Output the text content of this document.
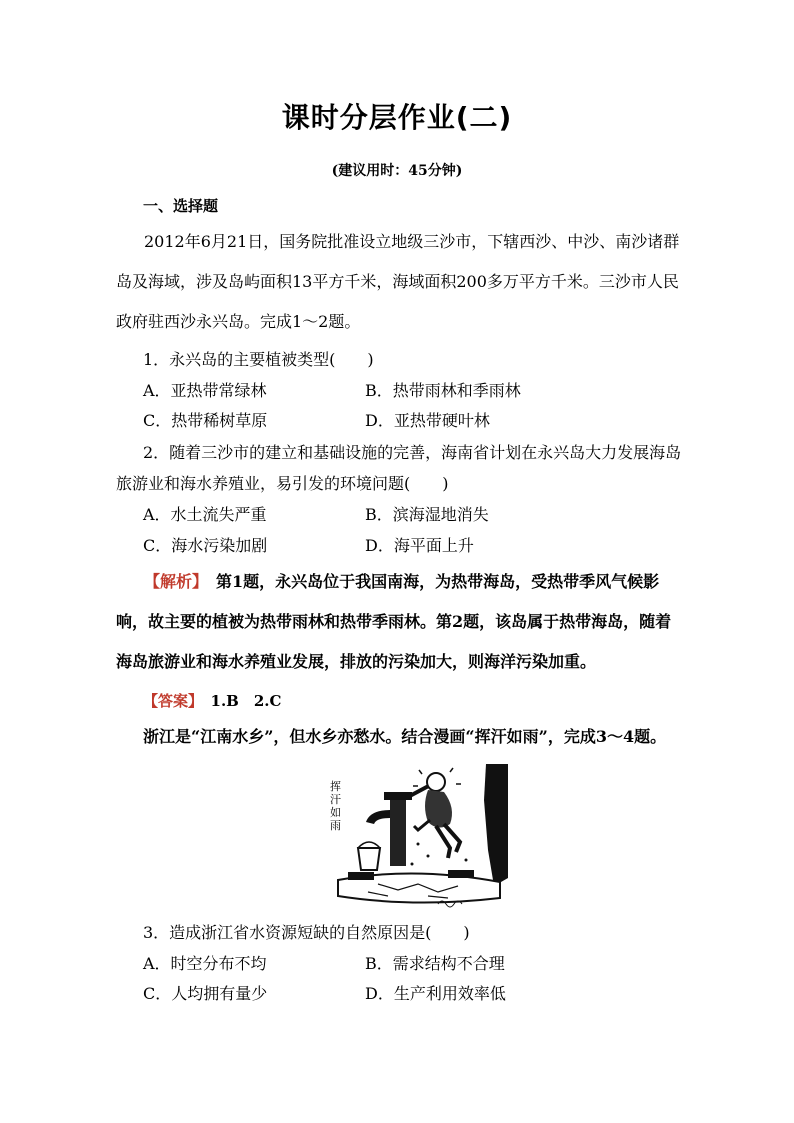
课时分层作业(二)
(建议用时：45分钟)
一、选择题
2012年6月21日，国务院批准设立地级三沙市，下辖西沙、中沙、南沙诸群
岛及海域，涉及岛屿面积13平方千米，海域面积200多万平方千米。三沙市人民
政府驻西沙永兴岛。完成1～2题。
1．永兴岛的主要植被类型(　　)
A．亚热带常绿林	B．热带雨林和季雨林
C．热带稀树草原	D．亚热带硬叶林
2．随着三沙市的建立和基础设施的完善，海南省计划在永兴岛大力发展海岛
旅游业和海水养殖业，易引发的环境问题(　　)
A．水土流失严重	B．滨海湿地消失
C．海水污染加剧	D．海平面上升
【解析】　第1题，永兴岛位于我国南海，为热带海岛，受热带季风气候影
响，故主要的植被为热带雨林和热带季雨林。第2题，该岛属于热带海岛，随着
海岛旅游业和海水养殖业发展，排放的污染加大，则海洋污染加重。
【答案】　1.B　2.C
浙江是“江南水乡”，但水乡亦愁水。结合漫画“挥汗如雨”，完成3～4题。
挥
汗
如
雨
3．造成浙江省水资源短缺的自然原因是(　　)
A．时空分布不均	B．需求结构不合理
C．人均拥有量少	D．生产利用效率低
